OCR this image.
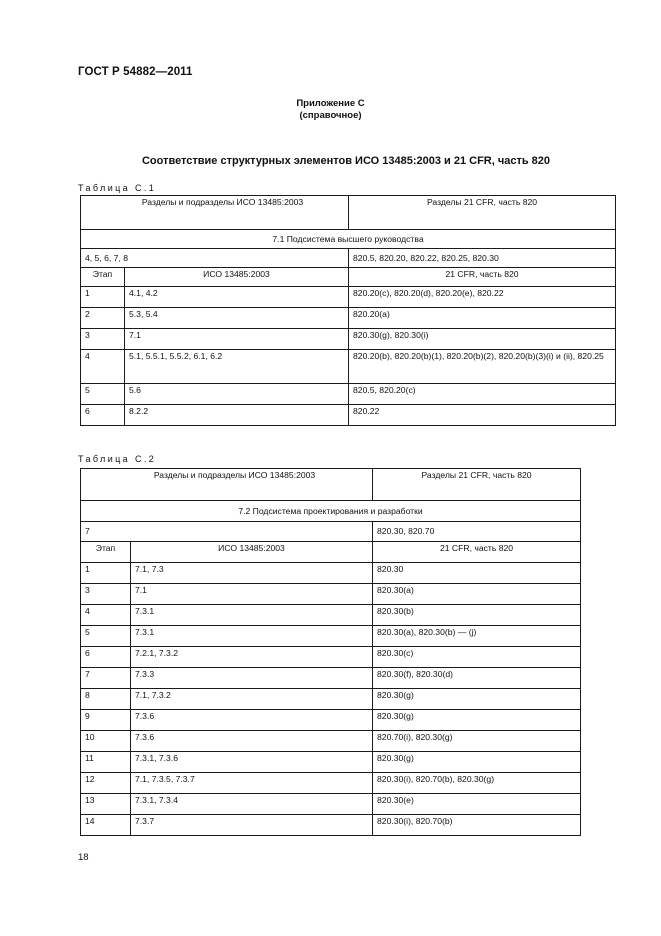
ГОСТ Р 54882—2011
Приложение С
(справочное)
Соответствие структурных элементов ИСО 13485:2003 и 21 CFR, часть 820
Таблица С.1
Разделы и подразделы ИСО 13485:2003		Разделы 21 CFR, часть 820
7.1 Подсистема высшего руководства		
4, 5, 6, 7, 8		820.5, 820.20, 820.22, 820.25, 820.30
Этап	ИСО 13485:2003	21 CFR, часть 820
1	4.1, 4.2	820.20(c), 820.20(d), 820.20(e), 820.22
2	5.3, 5.4	820.20(a)
3	7.1	820.30(g), 820.30(i)
4	5.1, 5.5.1, 5.5.2, 6.1, 6.2	820.20(b), 820.20(b)(1), 820.20(b)(2), 820.20(b)(3)(i) и (ii), 820.25
5	5.6	820.5, 820.20(c)
6	8.2.2	820.22
Таблица С.2
Разделы и подразделы ИСО 13485:2003		Разделы 21 CFR, часть 820
7.2 Подсистема проектирования и разработки		
7		820.30, 820.70
Этап	ИСО 13485:2003	21 CFR, часть 820
1	7.1, 7.3	820.30
3	7.1	820.30(a)
4	7.3.1	820.30(b)
5	7.3.1	820.30(a), 820.30(b) — (j)
6	7.2.1, 7.3.2	820.30(c)
7	7.3.3	820.30(f), 820.30(d)
8	7.1, 7.3.2	820.30(g)
9	7.3.6	820.30(g)
10	7.3.6	820.70(i), 820.30(g)
11	7.3.1, 7.3.6	820.30(g)
12	7.1, 7.3.5, 7.3.7	820.30(i), 820.70(b), 820.30(g)
13	7.3.1, 7.3.4	820.30(e)
14	7.3.7	820.30(i), 820.70(b)
18
